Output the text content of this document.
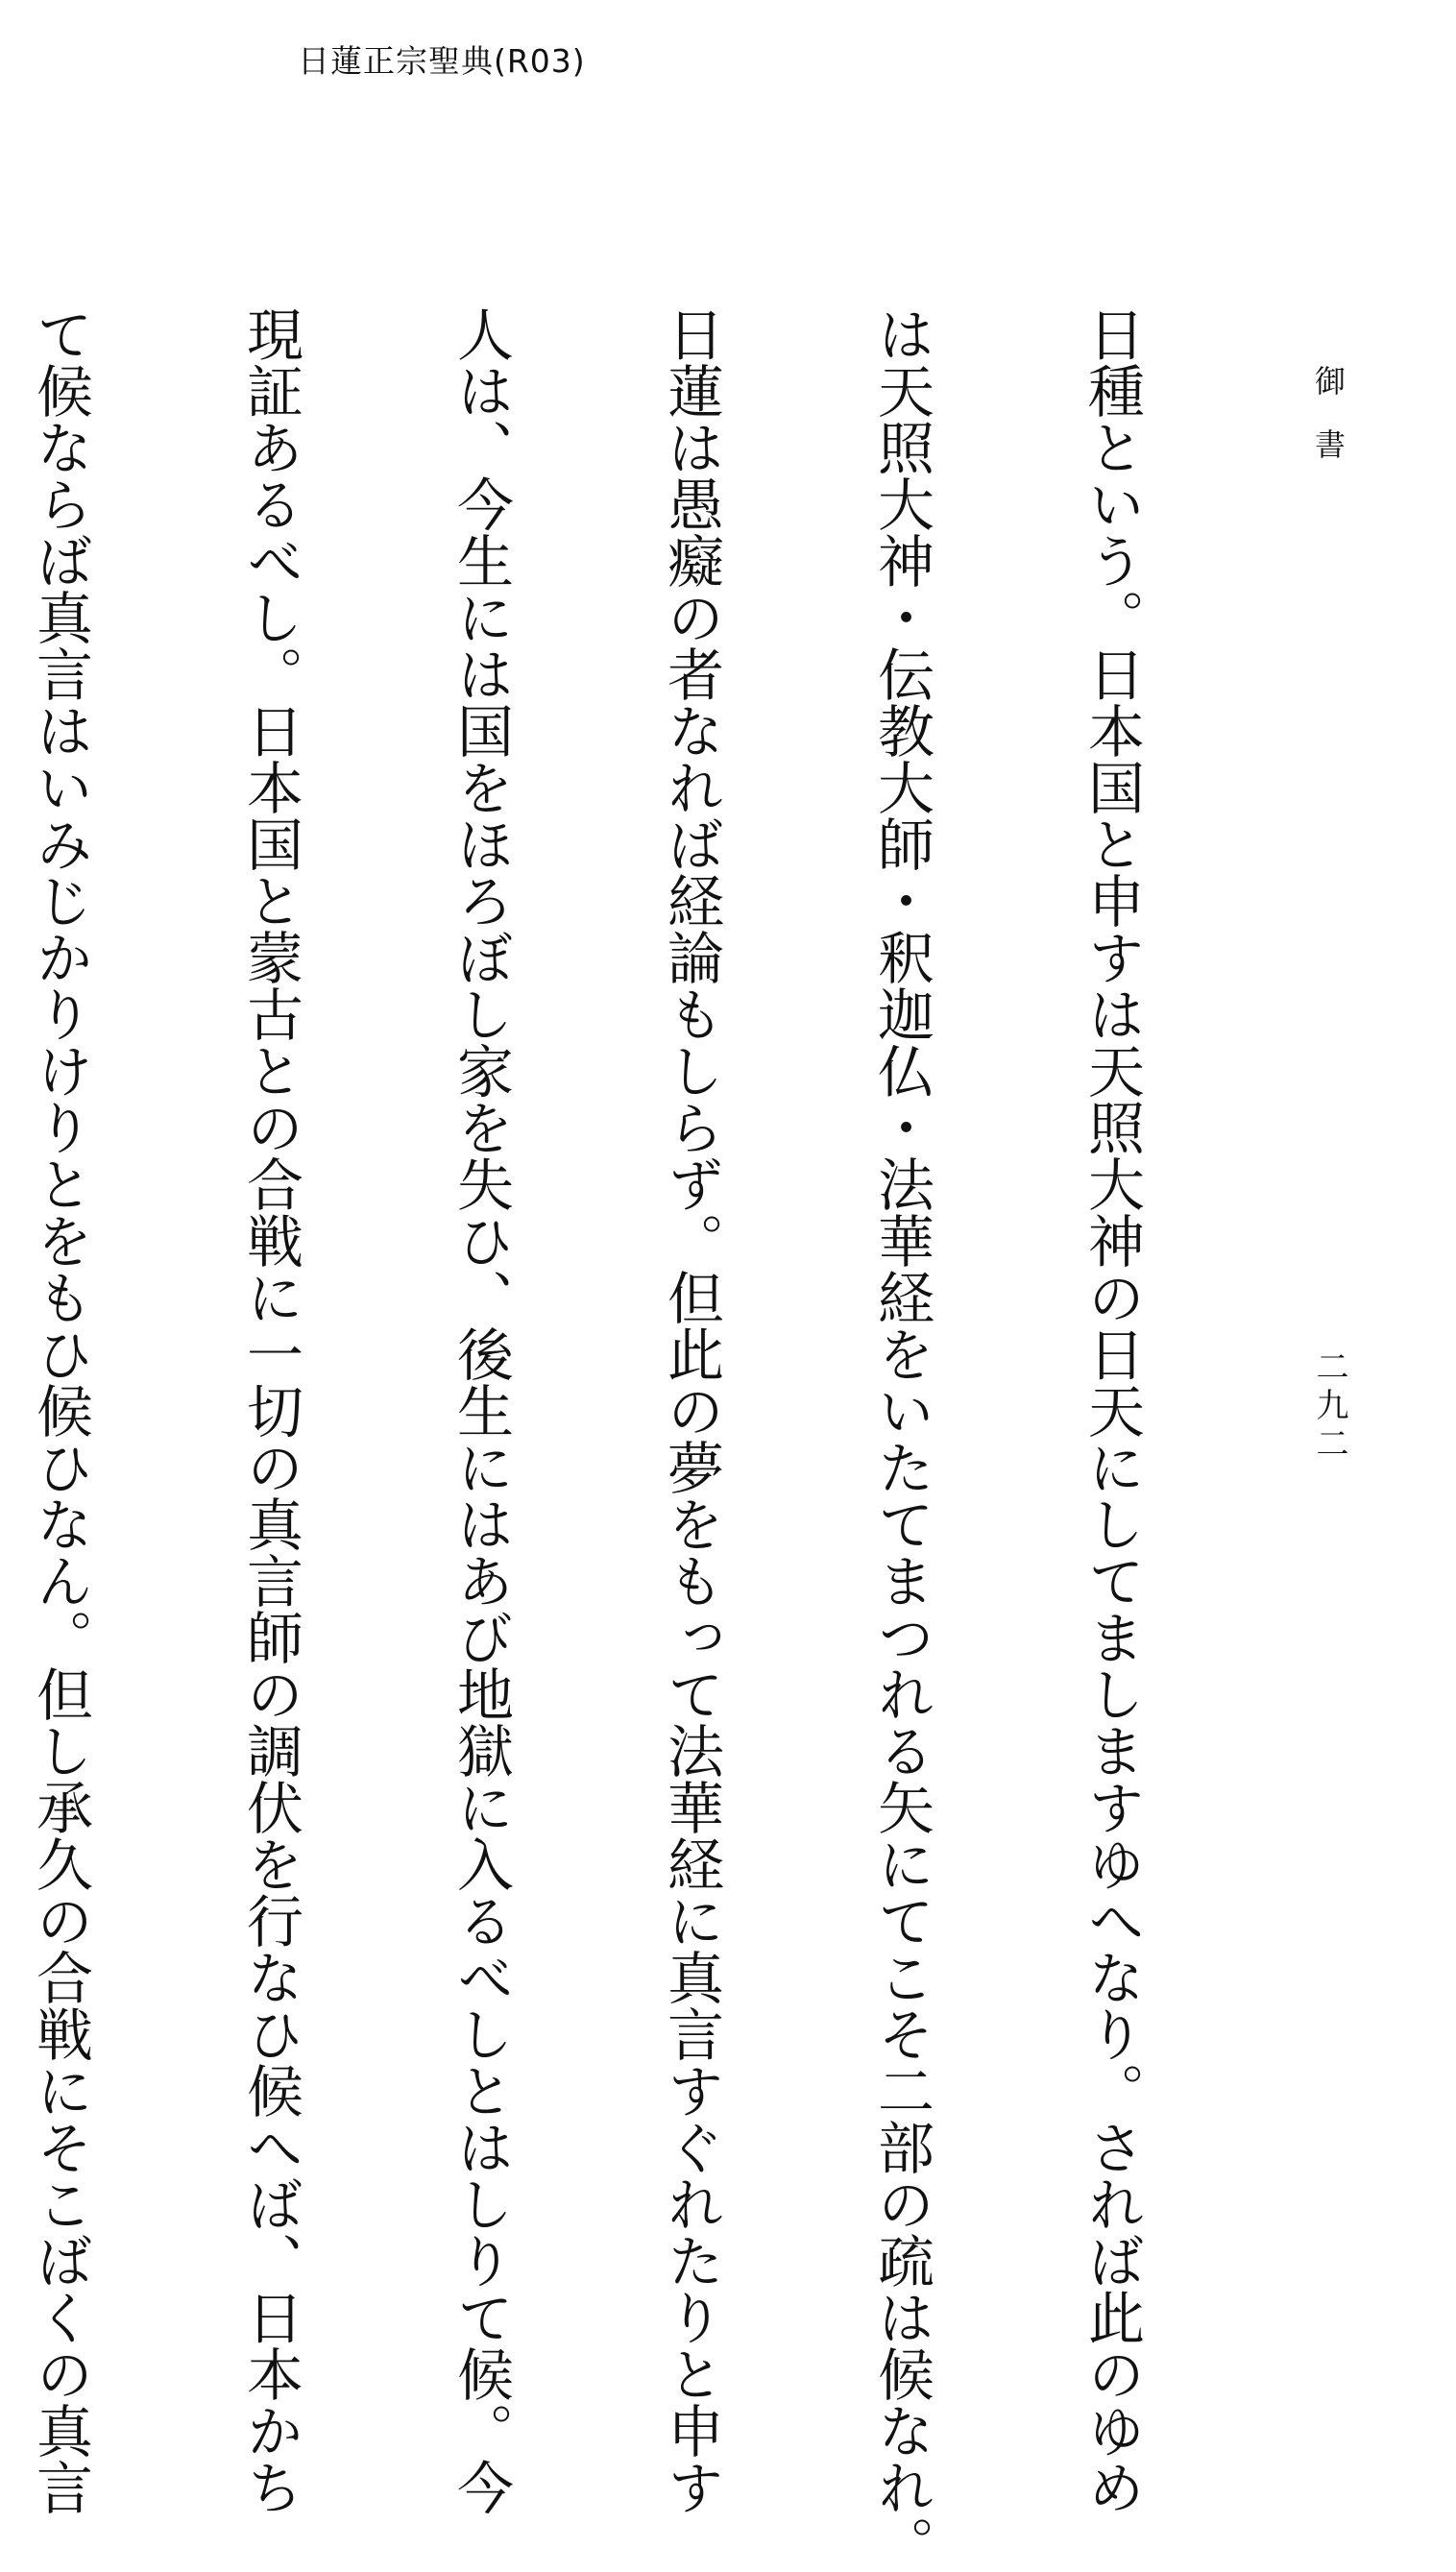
日蓮正宗聖典(R03)
御書
二九二

日種という。日本国と申すは天照大神の日天にしてましますゆへなり。されば此のゆめ

は天照大神・伝教大師・釈迦仏・法華経をいたてまつれる矢にてこそ二部の疏は候なれ。

日蓮は愚癡の者なれば経論もしらず。但此の夢をもって法華経に真言すぐれたりと申す

人は、今生には国をほろぼし家を失ひ、後生にはあび地獄に入るべしとはしりて候。今

現証あるべし。日本国と蒙古との合戦に一切の真言師の調伏を行なひ候へば、日本かち

て候ならば真言はいみじかりけりとをもひ候ひなん。但し承久の合戦にそこばくの真言
